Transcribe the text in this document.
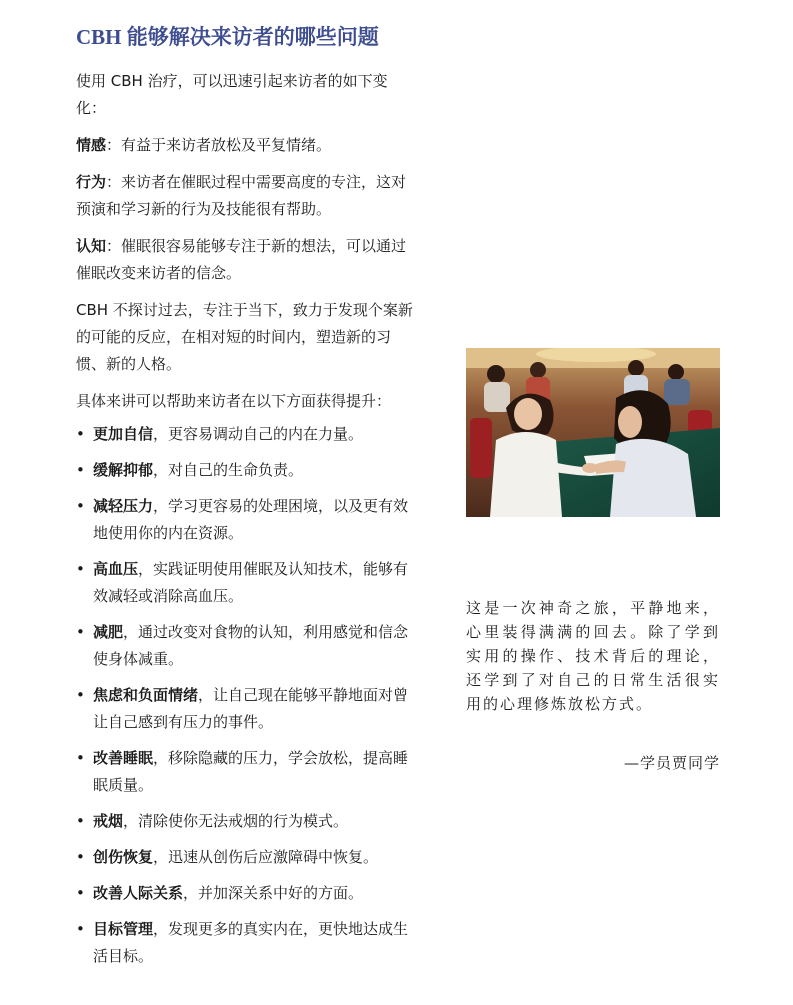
CBH 能够解决来访者的哪些问题

使用 CBH 治疗，可以迅速引起来访者的如下变化：

情感：有益于来访者放松及平复情绪。

行为：来访者在催眠过程中需要高度的专注，这对预演和学习新的行为及技能很有帮助。

认知：催眠很容易能够专注于新的想法，可以通过催眠改变来访者的信念。

CBH 不探讨过去，专注于当下，致力于发现个案新的可能的反应，在相对短的时间内，塑造新的习惯、新的人格。

具体来讲可以帮助来访者在以下方面获得提升：

• 更加自信，更容易调动自己的内在力量。
• 缓解抑郁，对自己的生命负责。
• 减轻压力，学习更容易的处理困境，以及更有效地使用你的内在资源。
• 高血压，实践证明使用催眠及认知技术，能够有效减轻或消除高血压。
• 减肥，通过改变对食物的认知，利用感觉和信念使身体减重。
• 焦虑和负面情绪，让自己现在能够平静地面对曾让自己感到有压力的事件。
• 改善睡眠，移除隐藏的压力，学会放松，提高睡眠质量。
• 戒烟，清除使你无法戒烟的行为模式。
• 创伤恢复，迅速从创伤后应激障碍中恢复。
• 改善人际关系，并加深关系中好的方面。
• 目标管理，发现更多的真实内在，更快地达成生活目标。
这是一次神奇之旅，平静地来，心里装得满满的回去。除了学到实用的操作、技术背后的理论，还学到了对自己的日常生活很实用的心理修炼放松方式。
—学员贾同学
